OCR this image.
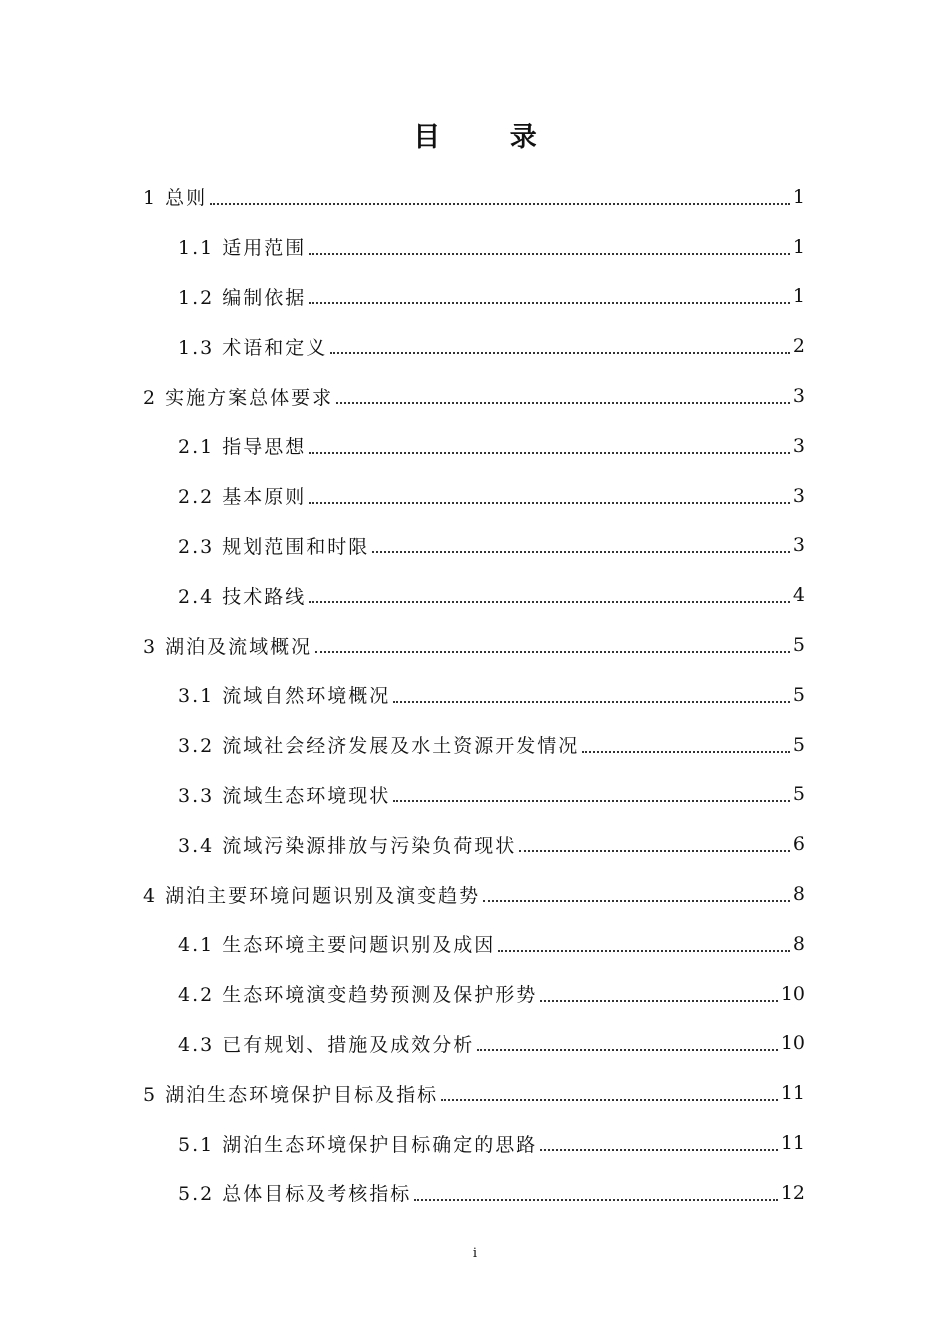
目 录
1 总则	1
1.1 适用范围	1
1.2 编制依据	1
1.3 术语和定义	2
2 实施方案总体要求	3
2.1 指导思想	3
2.2 基本原则	3
2.3 规划范围和时限	3
2.4 技术路线	4
3 湖泊及流域概况	5
3.1 流域自然环境概况	5
3.2 流域社会经济发展及水土资源开发情况	5
3.3 流域生态环境现状	5
3.4 流域污染源排放与污染负荷现状	6
4 湖泊主要环境问题识别及演变趋势	8
4.1 生态环境主要问题识别及成因	8
4.2 生态环境演变趋势预测及保护形势	10
4.3 已有规划、措施及成效分析	10
5 湖泊生态环境保护目标及指标	11
5.1 湖泊生态环境保护目标确定的思路	11
5.2 总体目标及考核指标	12
i
